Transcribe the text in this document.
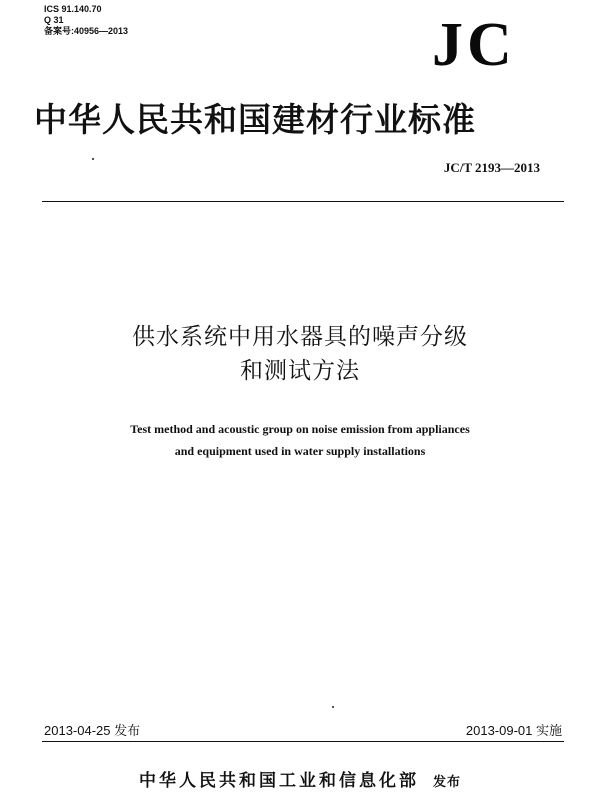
ICS 91.140.70
Q 31
备案号:40956—2013	JC
中华人民共和国建材行业标准
JC/T 2193—2013
供水系统中用水器具的噪声分级
和测试方法
Test method and acoustic group on noise emission from appliances
and equipment used in water supply installations
2013-04-25 发布	2013-09-01 实施
中华人民共和国工业和信息化部 发布
